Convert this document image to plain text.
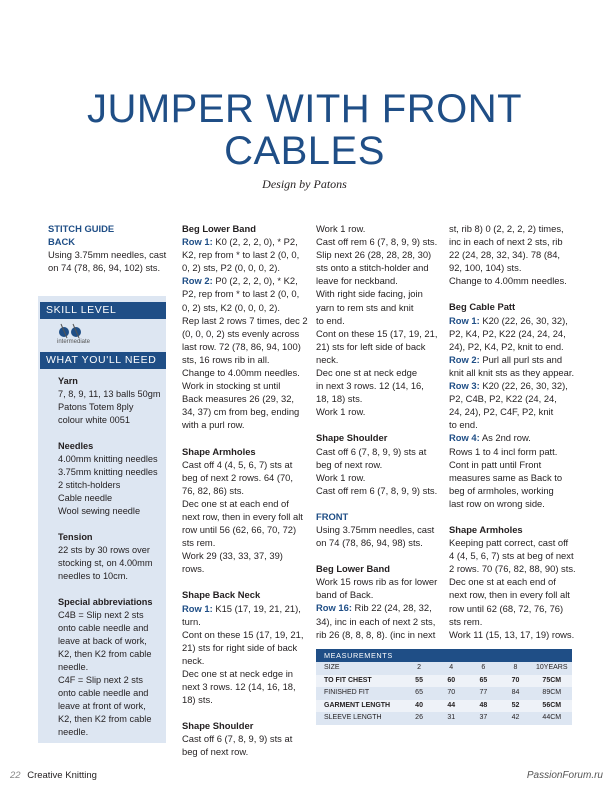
JUMPER WITH FRONT
CABLES
Design by Patons

STITCH GUIDE

BACK

Using 3.75mm needles, cast

on 74 (78, 86, 94, 102) sts.

SKILL LEVEL
intermediate
WHAT YOU'LL NEED

Yarn

7, 8, 9, 11, 13 balls 50gm

Patons Totem 8ply

colour white 0051

Needles

4.00mm knitting needles

3.75mm knitting needles

2 stitch-holders

Cable needle

Wool sewing needle

Tension

22 sts by 30 rows over

stocking st, on 4.00mm

needles to 10cm.

Special abbreviations

C4B = Slip next 2 sts

onto cable needle and

leave at back of work,

K2, then K2 from cable

needle.

C4F = Slip next 2 sts

onto cable needle and

leave at front of work,

K2, then K2 from cable

needle.

Beg Lower Band

Row 1: K0 (2, 2, 2, 0), * P2,

K2, rep from * to last 2 (0, 0,

0, 2) sts, P2 (0, 0, 0, 2).

Row 2: P0 (2, 2, 2, 0), * K2,

P2, rep from * to last 2 (0, 0,

0, 2) sts, K2 (0, 0, 0, 2).

Rep last 2 rows 7 times, dec 2

(0, 0, 0, 2) sts evenly across

last row. 72 (78, 86, 94, 100)

sts, 16 rows rib in all.

Change to 4.00mm needles.

Work in stocking st until

Back measures 26 (29, 32,

34, 37) cm from beg, ending

with a purl row.

Shape Armholes

Cast off 4 (4, 5, 6, 7) sts at

beg of next 2 rows. 64 (70,

76, 82, 86) sts.

Dec one st at each end of

next row, then in every foll alt

row until 56 (62, 66, 70, 72)

sts rem.

Work 29 (33, 33, 37, 39)

rows.

Shape Back Neck

Row 1: K15 (17, 19, 21, 21),

turn.

Cont on these 15 (17, 19, 21,

21) sts for right side of back

neck.

Dec one st at neck edge in

next 3 rows. 12 (14, 16, 18,

18) sts.

Shape Shoulder

Cast off 6 (7, 8, 9, 9) sts at

beg of next row.

Work 1 row.

Cast off rem 6 (7, 8, 9, 9) sts.

Slip next 26 (28, 28, 28, 30)

sts onto a stitch-holder and

leave for neckband.

With right side facing, join

yarn to rem sts and knit

to end.

Cont on these 15 (17, 19, 21,

21) sts for left side of back

neck.

Dec one st at neck edge

in next 3 rows. 12 (14, 16,

18, 18) sts.

Work 1 row.

Shape Shoulder

Cast off 6 (7, 8, 9, 9) sts at

beg of next row.

Work 1 row.

Cast off rem 6 (7, 8, 9, 9) sts.

FRONT

Using 3.75mm needles, cast

on 74 (78, 86, 94, 98) sts.

Beg Lower Band

Work 15 rows rib as for lower

band of Back.

Row 16: Rib 22 (24, 28, 32,

34), inc in each of next 2 sts,

rib 26 (8, 8, 8, 8). (inc in next

st, rib 8) 0 (2, 2, 2, 2) times,

inc in each of next 2 sts, rib

22 (24, 28, 32, 34). 78 (84,

92, 100, 104) sts.

Change to 4.00mm needles.

Beg Cable Patt

Row 1: K20 (22, 26, 30, 32),

P2, K4, P2, K22 (24, 24, 24,

24), P2, K4, P2, knit to end.

Row 2: Purl all purl sts and

knit all knit sts as they appear.

Row 3: K20 (22, 26, 30, 32),

P2, C4B, P2, K22 (24, 24,

24, 24), P2, C4F, P2, knit

to end.

Row 4: As 2nd row.

Rows 1 to 4 incl form patt.

Cont in patt until Front

measures same as Back to

beg of armholes, working

last row on wrong side.

Shape Armholes

Keeping patt correct, cast off

4 (4, 5, 6, 7) sts at beg of next

2 rows. 70 (76, 82, 88, 90) sts.

Dec one st at each end of

next row, then in every foll alt

row until 62 (68, 72, 76, 76)

sts rem.

Work 11 (15, 13, 17, 19) rows.

MEASUREMENTS
SIZE	2	4	6	8	10YEARS
TO FIT CHEST	55	60	65	70	75CM
FINISHED FIT	65	70	77	84	89CM
GARMENT LENGTH	40	44	48	52	56CM
SLEEVE LENGTH	26	31	37	42	44CM
22 Creative Knitting	PassionForum.ru
